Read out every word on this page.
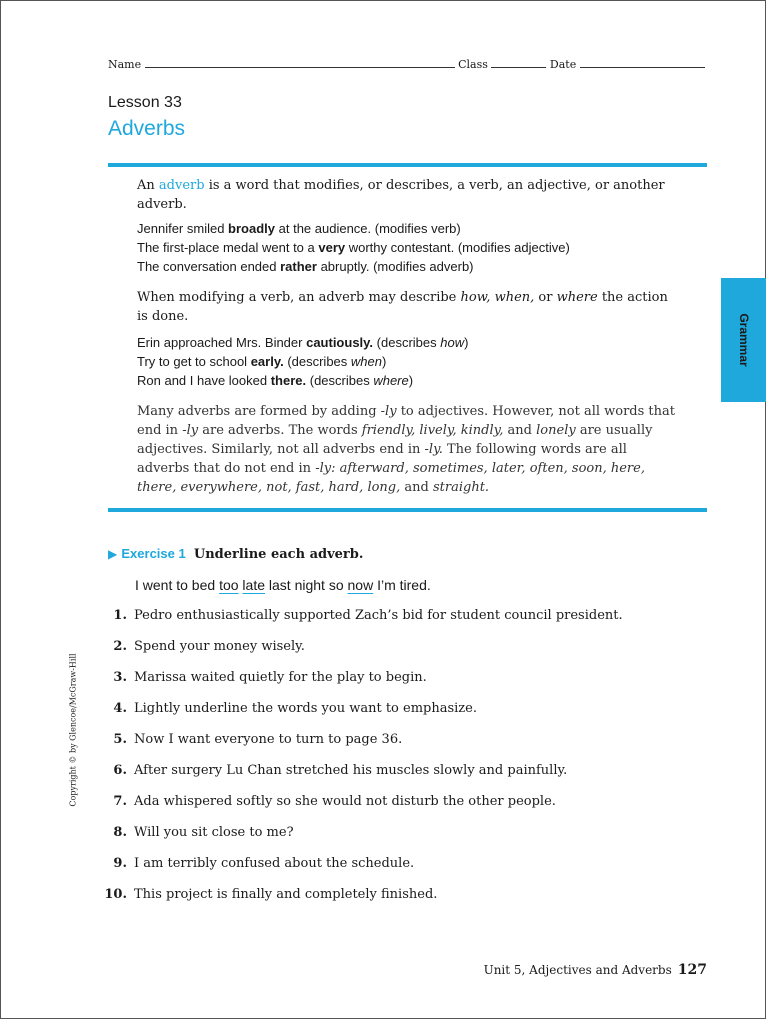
Name	Class	Date
Lesson 33
Adverbs

An adverb is a word that modifies, or describes, a verb, an adjective, or another adverb.

Jennifer smiled broadly at the audience. (modifies verb)
The first-place medal went to a very worthy contestant. (modifies adjective)
The conversation ended rather abruptly. (modifies adverb)

When modifying a verb, an adverb may describe how, when, or where the action is done.

Erin approached Mrs. Binder cautiously. (describes how)
Try to get to school early. (describes when)
Ron and I have looked there. (describes where)

Many adverbs are formed by adding -ly to adjectives. However, not all words that end in -ly are adverbs. The words friendly, lively, kindly, and lonely are usually adjectives. Similarly, not all adverbs end in -ly. The following words are all adverbs that do not end in -ly: afterward, sometimes, later, often, soon, here, there, everywhere, not, fast, hard, long, and straight.

Grammar
Copyright © by Glencoe/McGraw-Hill
▶ Exercise 1 Underline each adverb.
I went to bed too late last night so now I’m tired.
1. Pedro enthusiastically supported Zach’s bid for student council president.
2. Spend your money wisely.
3. Marissa waited quietly for the play to begin.
4. Lightly underline the words you want to emphasize.
5. Now I want everyone to turn to page 36.
6. After surgery Lu Chan stretched his muscles slowly and painfully.
7. Ada whispered softly so she would not disturb the other people.
8. Will you sit close to me?
9. I am terribly confused about the schedule.
10. This project is finally and completely finished.
Unit 5, Adjectives and Adverbs 127
